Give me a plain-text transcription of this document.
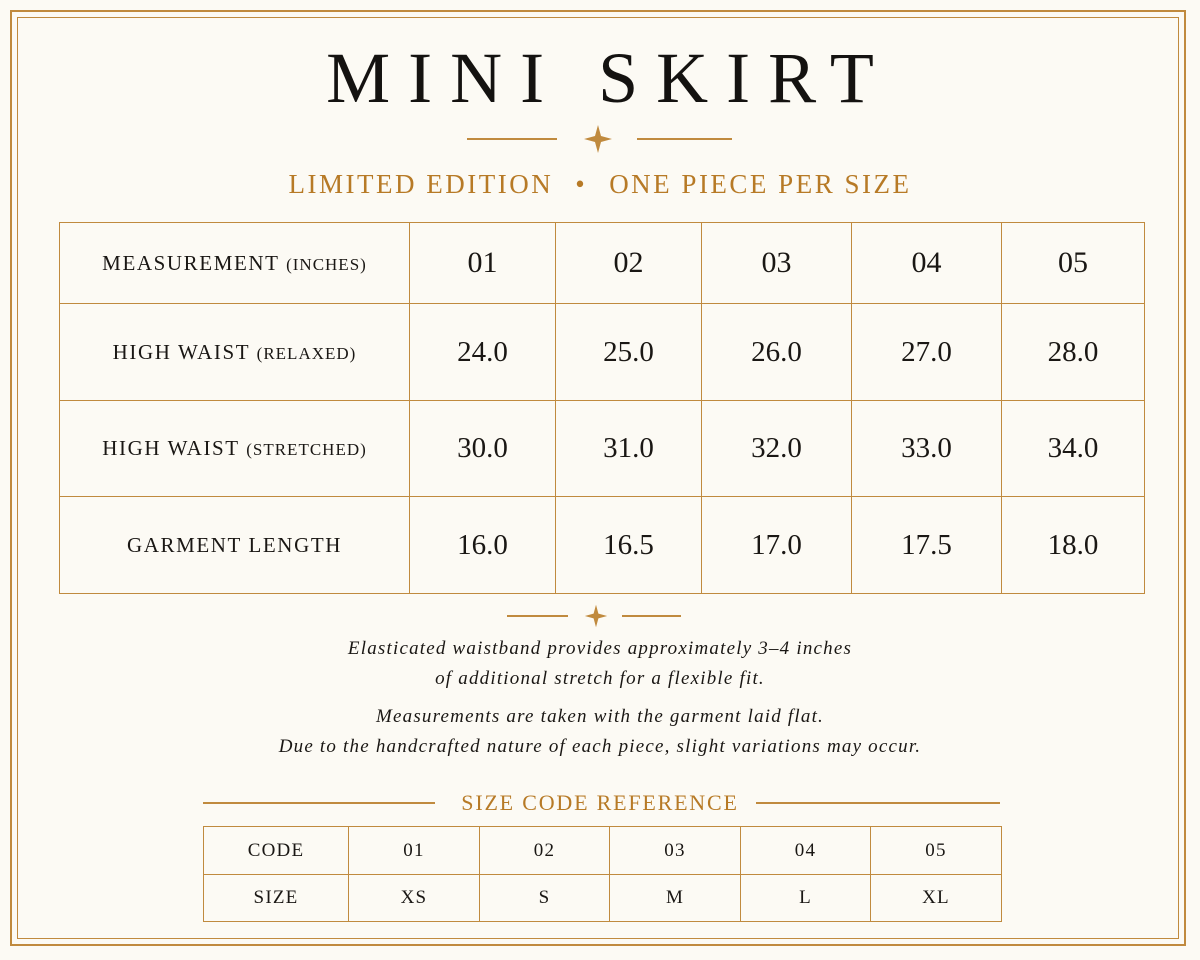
MINI SKIRT
LIMITED EDITION • ONE PIECE PER SIZE
MEASUREMENT (INCHES)	01	02	03	04	05
HIGH WAIST (RELAXED)	24.0	25.0	26.0	27.0	28.0
HIGH WAIST (STRETCHED)	30.0	31.0	32.0	33.0	34.0
GARMENT LENGTH	16.0	16.5	17.0	17.5	18.0
Elasticated waistband provides approximately 3–4 inches
of additional stretch for a flexible fit.
Measurements are taken with the garment laid flat.
Due to the handcrafted nature of each piece, slight variations may occur.
SIZE CODE REFERENCE
CODE	01	02	03	04	05
SIZE	XS	S	M	L	XL
